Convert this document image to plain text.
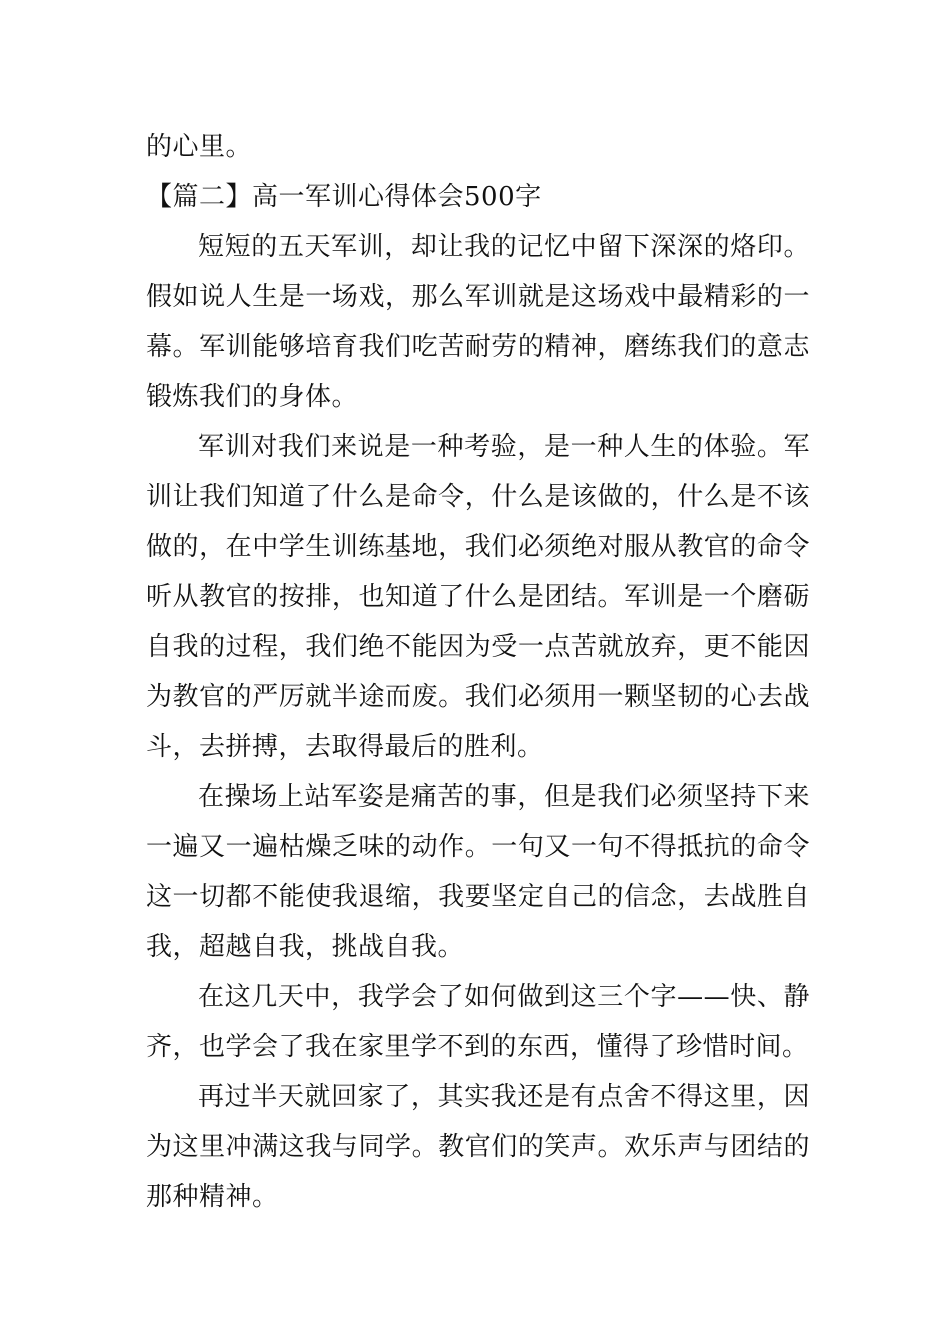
的心里。

【篇二】高一军训心得体会500字

短短的五天军训，却让我的记忆中留下深深的烙印。假如说人生是一场戏，那么军训就是这场戏中最精彩的一幕。军训能够培育我们吃苦耐劳的精神，磨练我们的意志锻炼我们的身体。

军训对我们来说是一种考验，是一种人生的体验。军训让我们知道了什么是命令，什么是该做的，什么是不该做的，在中学生训练基地，我们必须绝对服从教官的命令听从教官的按排，也知道了什么是团结。军训是一个磨砺自我的过程，我们绝不能因为受一点苦就放弃，更不能因为教官的严厉就半途而废。我们必须用一颗坚韧的心去战斗，去拼搏，去取得最后的胜利。

在操场上站军姿是痛苦的事，但是我们必须坚持下来一遍又一遍枯燥乏味的动作。一句又一句不得抵抗的命令这一切都不能使我退缩，我要坚定自己的信念，去战胜自我，超越自我，挑战自我。

在这几天中，我学会了如何做到这三个字——快、静齐，也学会了我在家里学不到的东西，懂得了珍惜时间。

再过半天就回家了，其实我还是有点舍不得这里，因为这里冲满这我与同学。教官们的笑声。欢乐声与团结的那种精神。
